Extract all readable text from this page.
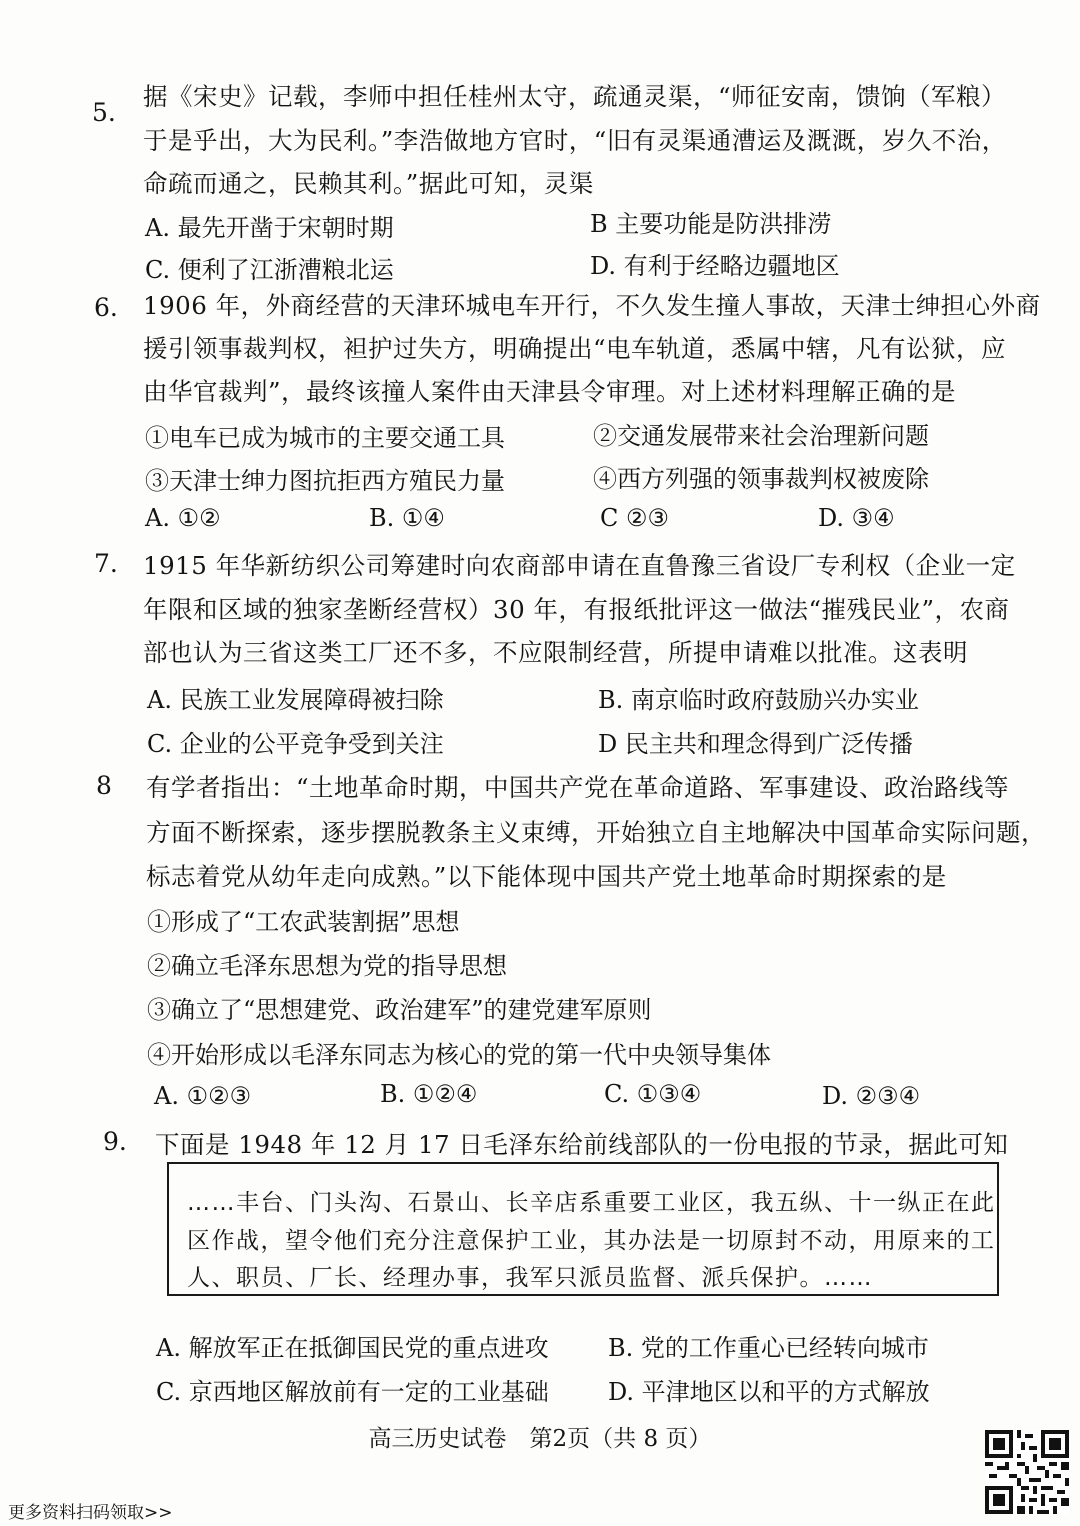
5.
据《宋史》记载，李师中担任桂州太守，疏通灵渠，“师征安南，馈饷（军粮）
于是乎出，大为民利。”李浩做地方官时，“旧有灵渠通漕运及溉溉，岁久不治，
命疏而通之，民赖其利。”据此可知，灵渠
A. 最先开凿于宋朝时期	B 主要功能是防洪排涝
C. 便利了江浙漕粮北运	D. 有利于经略边疆地区
6. 1906 年，外商经营的天津环城电车开行，不久发生撞人事故，天津士绅担心外商
援引领事裁判权，袒护过失方，明确提出“电车轨道，悉属中辖，凡有讼狱，应
由华官裁判”，最终该撞人案件由天津县令审理。对上述材料理解正确的是
①电车已成为城市的主要交通工具	②交通发展带来社会治理新问题
③天津士绅力图抗拒西方殖民力量	④西方列强的领事裁判权被废除
A. ①②	B. ①④	C ②③	D. ③④
7. 1915 年华新纺织公司筹建时向农商部申请在直鲁豫三省设厂专利权（企业一定
年限和区域的独家垄断经营权）30 年，有报纸批评这一做法“摧残民业”，农商
部也认为三省这类工厂还不多，不应限制经营，所提申请难以批准。这表明
A. 民族工业发展障碍被扫除	B. 南京临时政府鼓励兴办实业
C. 企业的公平竞争受到关注	D 民主共和理念得到广泛传播
8 有学者指出：“土地革命时期，中国共产党在革命道路、军事建设、政治路线等
方面不断探索，逐步摆脱教条主义束缚，开始独立自主地解决中国革命实际问题，
标志着党从幼年走向成熟。”以下能体现中国共产党土地革命时期探索的是
①形成了“工农武装割据”思想
②确立毛泽东思想为党的指导思想
③确立了“思想建党、政治建军”的建党建军原则
④开始形成以毛泽东同志为核心的党的第一代中央领导集体
A. ①②③	B. ①②④	C. ①③④	D. ②③④
9. 下面是 1948 年 12 月 17 日毛泽东给前线部队的一份电报的节录，据此可知
……丰台、门头沟、石景山、长辛店系重要工业区，我五纵、十一纵正在此
区作战，望令他们充分注意保护工业，其办法是一切原封不动，用原来的工
人、职员、厂长、经理办事，我军只派员监督、派兵保护。……
A. 解放军正在抵御国民党的重点进攻 B. 党的工作重心已经转向城市
C. 京西地区解放前有一定的工业基础 D. 平津地区以和平的方式解放
高三历史试卷　第2页（共 8 页）
更多资料扫码领取>>
